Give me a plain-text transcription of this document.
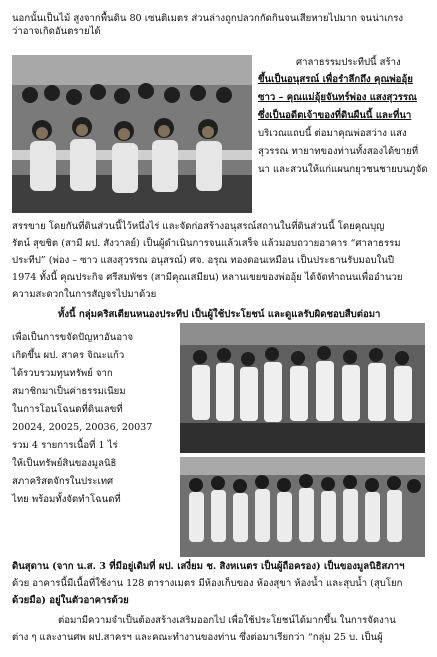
นอกนั้นเป็นไม้ สูงจากพื้นดิน 80 เซนติเมตร ส่วนล่างถูกปลวกกัดกินจนเสียหายไปมาก จนน่าเกรง
ว่าอาจเกิดอันตรายได้
ศาลาธรรมประทีปนี้ สร้าง
ขึ้นเป็นอนุสรณ์ เพื่อรำลึกถึง คุณพ่ออุ้ย
ซาว – คุณแม่อุ้ยจันทร์พ่อง แสงสุวรรณ
ซึ่งเป็นอดีตเจ้าของที่ดินผืนนี้ และที่นา
บริเวณแถบนี้ ต่อมาคุณพ่อสว่าง แสง
สุวรรณ ทายาทของท่านทั้งสองได้ขายที่
นา และสวนให้แก่แผนกยุวชนชายบนภูจัด
สรรขาย โดยกันที่ดินส่วนนี้ไว้หนึ่งไร่ และจัดก่อสร้างอนุสรณ์สถานในที่ดินส่วนนี้ โดยคุณบุญ
รัตน์ สุขชิต (สามี ผป. สังวาลย์) เป็นผู้ดำเนินการจนแล้วเสร็จ แล้วมอบถวายอาคาร “ศาลาธรรม
ประทีป” (พ่อง – ซาว แสงสุวรรณ อนุสรณ์) ศจ. อรุณ ทองดอนเหมือน เป็นประธานรับมอบในปี
1974 ทั้งนี้ คุณประกิจ ศรีสมพัชร (สามีคุณเสมียน) หลานเขยของพ่ออุ้ย ได้จัดทำถนนเพื่ออำนวย
ความสะดวกในการสัญจรไปมาด้วย
ทั้งนี้ กลุ่มคริสเตียนหนองประทีป เป็นผู้ใช้ประโยชน์ และดูแลรับผิดชอบสืบต่อมา
เพื่อเป็นการขจัดปัญหาอันอาจ
เกิดขึ้น ผป. สาคร จิณะแก้ว
ได้รวบรวมทุนทรัพย์ จาก
สมาชิกมาเป็นค่าธรรมเนียม
ในการโอนโฉนดที่ดินเลขที่
20024, 20025, 20036, 20037
รวม 4 รายการเนื้อที่ 1 ไร่
ให้เป็นทรัพย์สินของมูลนิธิ
สภาคริสตจักรในประเทศ
ไทย พร้อมทั้งจัดทำโฉนดที่
ดินสุดาน (จาก น.ส. 3 ที่มีอยู่เดิมที่ ผป. เสงี่ยม ช. สิงหเนตร เป็นผู้ถือครอง) เป็นของมูลนิธิสภาฯ
ด้วย อาคารนี้มีเนื้อที่ใช้งาน 128 ตารางเมตร มีห้องเก็บของ ห้องสุขา ห้องน้ำ และสุบน้ำ (สุบโยก
ด้วยมือ) อยู่ในตัวอาคารด้วย
ต่อมามีความจำเป็นต้องสร้างเสริมออกไป เพื่อใช้ประโยชน์ได้มากขึ้น ในการจัดงาน
ต่าง ๆ และงานศพ ผป.สาครฯ และคณะทำงานของท่าน ซึ่งต่อมาเรียกว่า “กลุ่ม 25 บ. เป็นผู้
